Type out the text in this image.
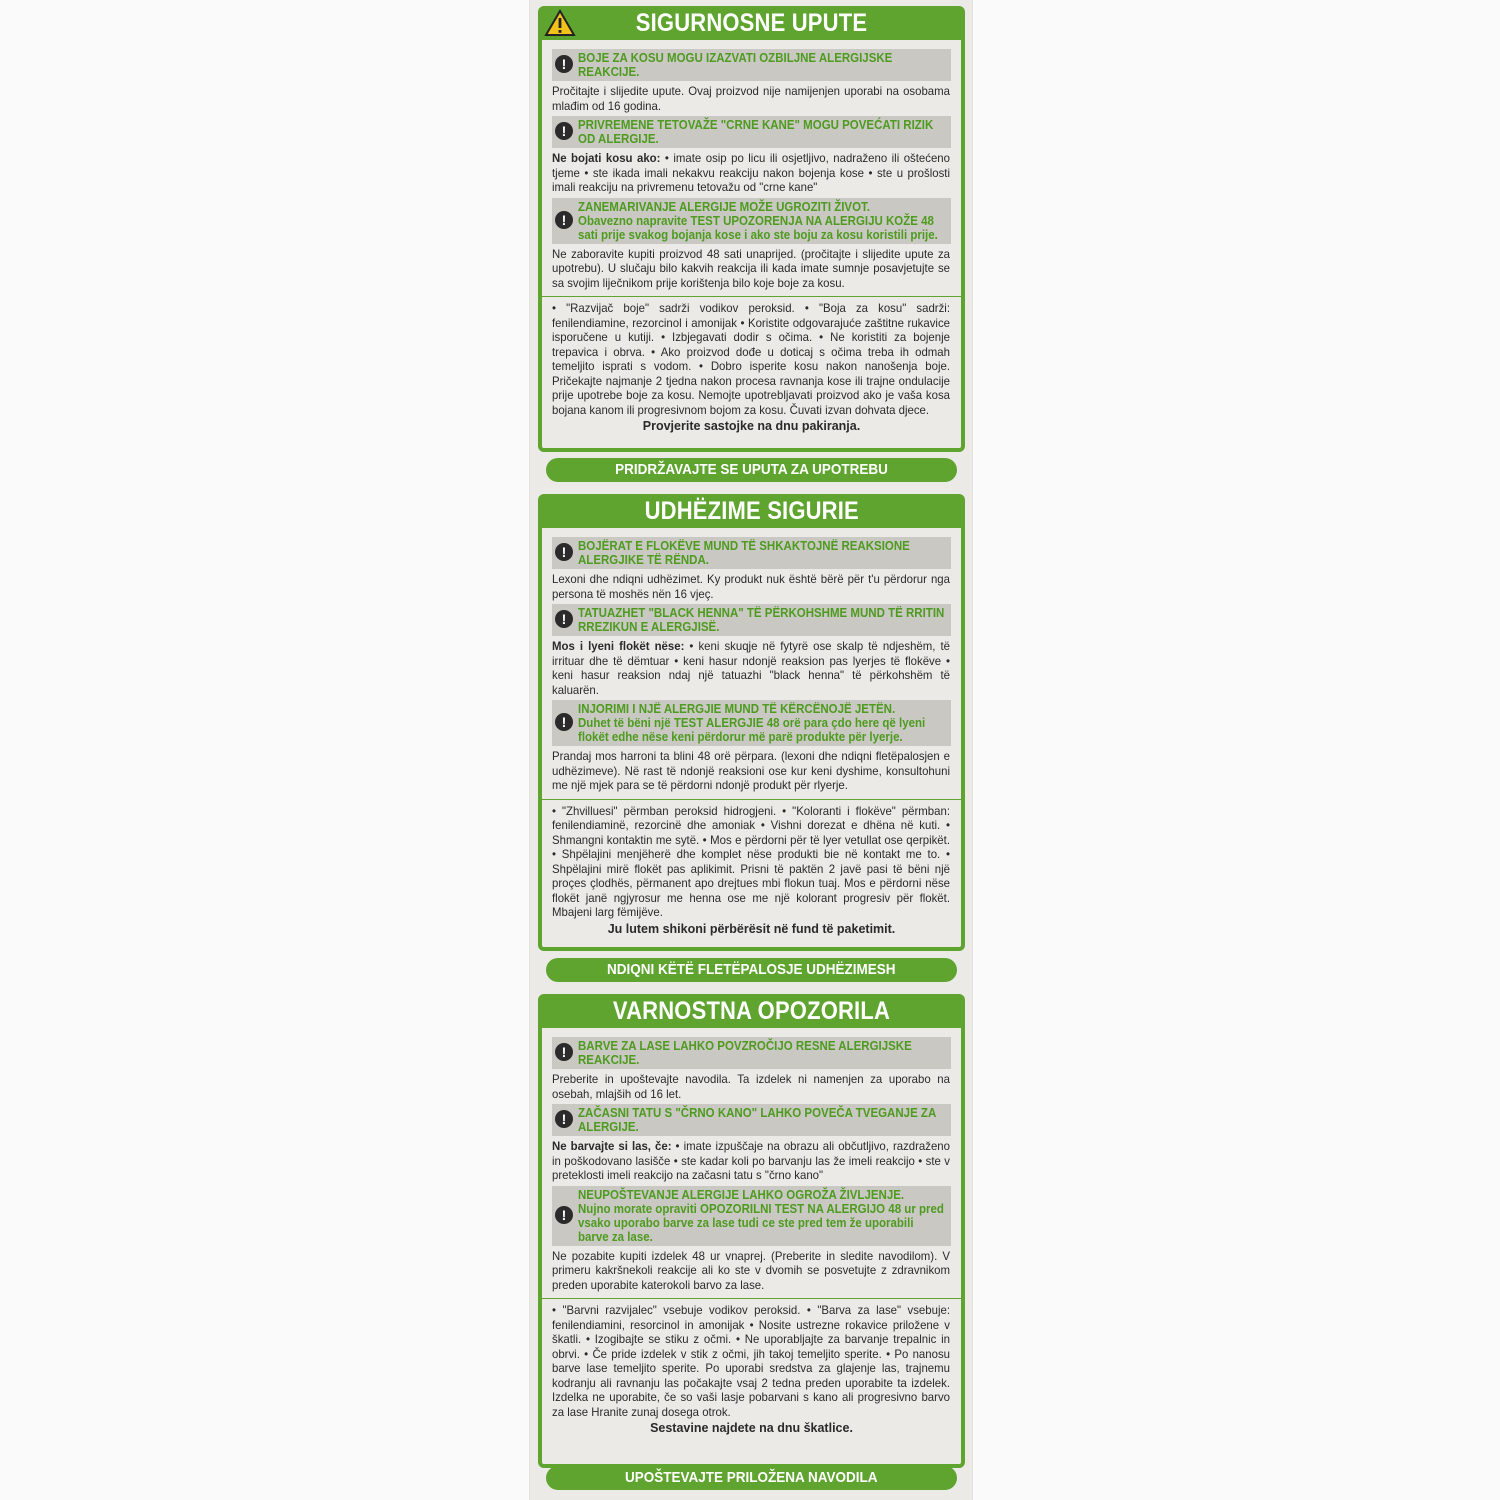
SIGURNOSNE UPUTE
! BOJE ZA KOSU MOGU IZAZVATI OZBILJNE ALERGIJSKE REAKCIJE.
Pročitajte i slijedite upute. Ovaj proizvod nije namijenjen uporabi na osobama mlađim od 16 godina.
! PRIVREMENE TETOVAŽE "CRNE KANE" MOGU POVEĆATI RIZIK OD ALERGIJE.
Ne bojati kosu ako: • imate osip po licu ili osjetljivo, nadraženo ili oštećeno tjeme • ste ikada imali nekakvu reakciju nakon bojenja kose • ste u prošlosti imali reakciju na privremenu tetovažu od "crne kane"
!
ZANEMARIVANJE ALERGIJE MOŽE UGROZITI ŽIVOT.
Obavezno napravite TEST UPOZORENJA NA ALERGIJU KOŽE 48 sati prije svakog bojanja kose i ako ste boju za kosu koristili prije.
Ne zaboravite kupiti proizvod 48 sati unaprijed. (pročitajte i slijedite upute za upotrebu). U slučaju bilo kakvih reakcija ili kada imate sumnje posavjetujte se sa svojim liječnikom prije korištenja bilo koje boje za kosu.
• "Razvijač boje" sadrži vodikov peroksid. • "Boja za kosu" sadrži: fenilendiamine, rezorcinol i amonijak • Koristite odgovarajuće zaštitne rukavice isporučene u kutiji. • Izbjegavati dodir s očima. • Ne koristiti za bojenje trepavica i obrva. • Ako proizvod dođe u doticaj s očima treba ih odmah temeljito isprati s vodom. • Dobro isperite kosu nakon nanošenja boje. Pričekajte najmanje 2 tjedna nakon procesa ravnanja kose ili trajne ondulacije prije upotrebe boje za kosu. Nemojte upotrebljavati proizvod ako je vaša kosa bojana kanom ili progresivnom bojom za kosu. Čuvati izvan dohvata djece.
Provjerite sastojke na dnu pakiranja.
PRIDRŽAVAJTE SE UPUTA ZA UPOTREBU
UDHËZIME SIGURIE
! BOJËRAT E FLOKËVE MUND TË SHKAKTOJNË REAKSIONE ALERGJIKE TË RËNDA.
Lexoni dhe ndiqni udhëzimet. Ky produkt nuk është bërë për t'u përdorur nga persona të moshës nën 16 vjeç.
! TATUAZHET "BLACK HENNA" TË PËRKOHSHME MUND TË RRITIN RREZIKUN E ALERGJISË.
Mos i lyeni flokët nëse: • keni skuqje në fytyrë ose skalp të ndjeshëm, të irrituar dhe të dëmtuar • keni hasur ndonjë reaksion pas lyerjes të flokëve • keni hasur reaksion ndaj një tatuazhi "black henna" të përkohshëm të kaluarën.
!
INJORIMI I NJË ALERGJIE MUND TË KËRCËNOJË JETËN.
Duhet të bëni një TEST ALERGJIE 48 orë para çdo here që lyeni flokët edhe nëse keni përdorur më parë produkte për lyerje.
Prandaj mos harroni ta blini 48 orë përpara. (lexoni dhe ndiqni fletëpalosjen e udhëzimeve). Në rast të ndonjë reaksioni ose kur keni dyshime, konsultohuni me një mjek para se të përdorni ndonjë produkt për rlyerje.
• "Zhvilluesi" përmban peroksid hidrogjeni. • "Koloranti i flokëve" përmban: fenilendiaminë, rezorcinë dhe amoniak • Vishni dorezat e dhëna në kuti. • Shmangni kontaktin me sytë. • Mos e përdorni për të lyer vetullat ose qerpikët. • Shpëlajini menjëherë dhe komplet nëse produkti bie në kontakt me to. • Shpëlajini mirë flokët pas aplikimit. Prisni të paktën 2 javë pasi të bëni një proçes çlodhës, përmanent apo drejtues mbi flokun tuaj. Mos e përdorni nëse flokët janë ngjyrosur me henna ose me një kolorant progresiv për flokët. Mbajeni larg fëmijëve.
Ju lutem shikoni përbërësit në fund të paketimit.
NDIQNI KËTË FLETËPALOSJE UDHËZIMESH
VARNOSTNA OPOZORILA
! BARVE ZA LASE LAHKO POVZROČIJO RESNE ALERGIJSKE REAKCIJE.
Preberite in upoštevajte navodila. Ta izdelek ni namenjen za uporabo na osebah, mlajših od 16 let.
! ZAČASNI TATU S "ČRNO KANO" LAHKO POVEČA TVEGANJE ZA ALERGIJE.
Ne barvajte si las, če: • imate izpuščaje na obrazu ali občutljivo, razdraženo in poškodovano lasišče • ste kadar koli po barvanju las že imeli reakcijo • ste v preteklosti imeli reakcijo na začasni tatu s "črno kano"
!
NEUPOŠTEVANJE ALERGIJE LAHKO OGROŽA ŽIVLJENJE.
Nujno morate opraviti OPOZORILNI TEST NA ALERGIJO 48 ur pred vsako uporabo barve za lase tudi ce ste pred tem že uporabili barve za lase.
Ne pozabite kupiti izdelek 48 ur vnaprej. (Preberite in sledite navodilom). V primeru kakršnekoli reakcije ali ko ste v dvomih se posvetujte z zdravnikom preden uporabite katerokoli barvo za lase.
• "Barvni razvijalec" vsebuje vodikov peroksid. • "Barva za lase" vsebuje: fenilendiamini, resorcinol in amonijak • Nosite ustrezne rokavice priložene v škatli. • Izogibajte se stiku z očmi. • Ne uporabljajte za barvanje trepalnic in obrvi. • Če pride izdelek v stik z očmi, jih takoj temeljito sperite. • Po nanosu barve lase temeljito sperite. Po uporabi sredstva za glajenje las, trajnemu kodranju ali ravnanju las počakajte vsaj 2 tedna preden uporabite ta izdelek. Izdelka ne uporabite, če so vaši lasje pobarvani s kano ali progresivno barvo za lase Hranite zunaj dosega otrok.
Sestavine najdete na dnu škatlice.
UPOŠTEVAJTE PRILOŽENA NAVODILA
